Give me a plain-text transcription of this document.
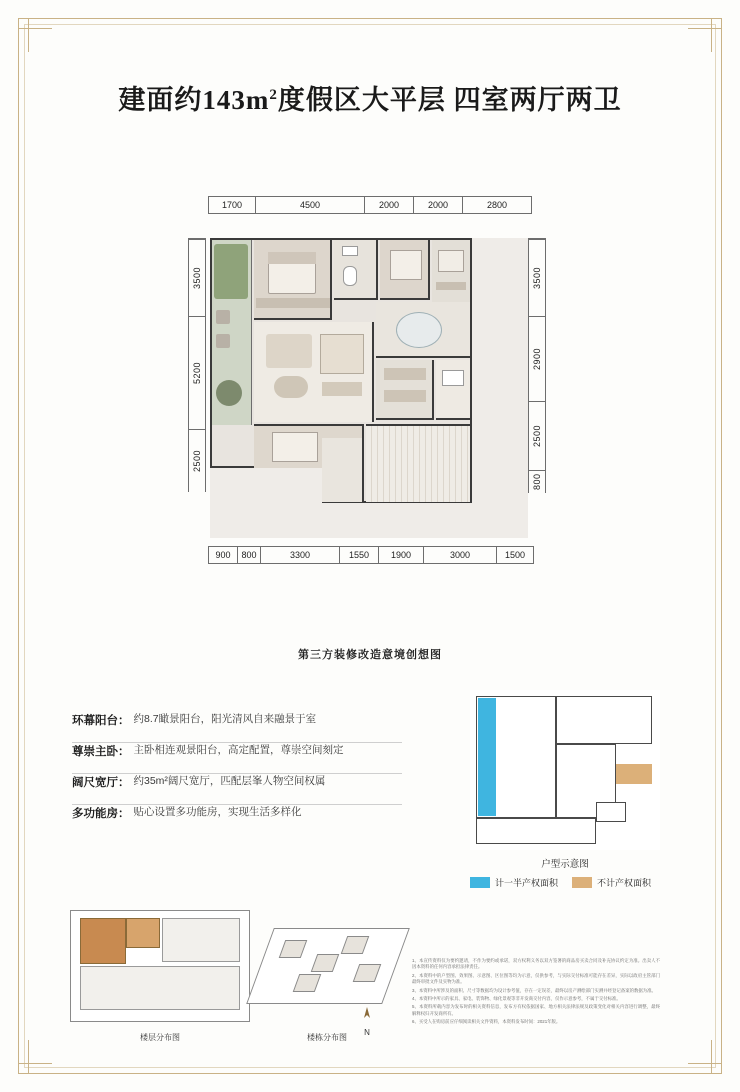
建面约$143m^2$度假区大平层 四室两厅两卫
1700	4500	2000	2000	2800
900	800	3300	1550	1900	3000	1500
3500
5200
2500
3500
2900
2500
800
第三方装修改造意境创想图
环幕阳台： 约8.7瞰景阳台，阳光清风自来融景于室
尊崇主卧： 主卧相连观景阳台，高定配置，尊崇空间刻定
阔尺宽厅： 约35m²阔尺宽厅，匹配层峯人物空间权属
多功能房： 贴心设置多功能房，实现生活多样化
户型示意图
计一半产权面积	不计产权面积
楼层分布图	楼栋分布图
N

1、本宣传资料仅为要约邀请，不作为要约或承诺，双方权利义务以双方签署的商品房买卖合同及补充协议约定为准。出卖人不因本资料的任何内容承担法律责任。

2、本资料中的户型图、效果图、示意图、区位图等均为示意，仅供参考，与实际交付标准可能存在差异，实际以政府主管部门最终审批文件及实物为准。

3、本资料中所涉及的面积、尺寸等数据均为设计参考值，存在一定误差，最终以房产测绘部门实测并经登记备案的数据为准。

4、本资料中所示的家具、家电、装饰物、绿化景观等非开发商交付内容，仅作示意参考，不属于交付标准。

5、本资料所载内容为发布时的相关资料信息，发布方有权依据国家、地方相关法律法规及政策变化对相关内容进行调整，最终解释权归开发商所有。

6、买受人在购房前应仔细阅读相关文件资料，本资料发布时间：2021年版。
